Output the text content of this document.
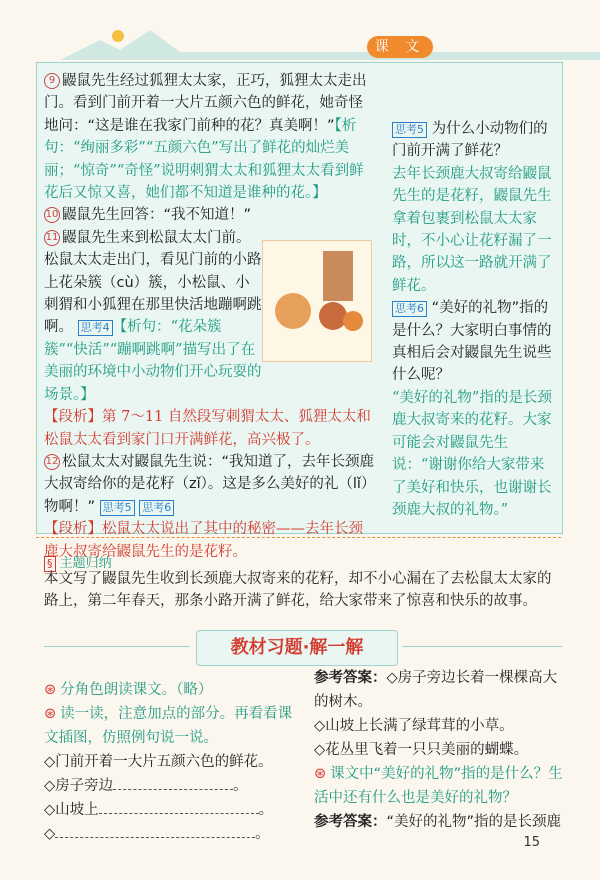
课 文

9 鼹鼠先生经过狐狸太太家，正巧，狐狸太太走出门。看到门前开着一大片五颜六色的鲜花，她奇怪地问：“这是谁在我家门前种的花？真美啊！”【析句：“绚丽多彩”“五颜六色”写出了鲜花的灿烂美丽；“惊奇”“奇怪”说明刺猬太太和狐狸太太看到鲜花后又惊又喜，她们都不知道是谁种的花。】

10 鼹鼠先生回答：“我不知道！”

11 鼹鼠先生来到松鼠太太门前。松鼠太太走出门，看见门前的小路上花朵簇（cù）簇，小松鼠、小刺猬和小狐狸在那里快活地蹦啊跳啊。 思考4 【析句：“花朵簇簇”“快活”“蹦啊跳啊”描写出了在美丽的环境中小动物们开心玩耍的场景。】

【段析】第 7～11 自然段写刺猬太太、狐狸太太和松鼠太太看到家门口开满鲜花，高兴极了。

12 松鼠太太对鼹鼠先生说：“我知道了，去年长颈鹿大叔寄给你的是花籽（zǐ）。这是多么美好的礼（lǐ）物啊！” 思考5 思考6

【段析】松鼠太太说出了其中的秘密——去年长颈鹿大叔寄给鼹鼠先生的是花籽。

思考5 为什么小动物们的门前开满了鲜花？

去年长颈鹿大叔寄给鼹鼠先生的是花籽，鼹鼠先生拿着包裹到松鼠太太家时，不小心让花籽漏了一路，所以这一路就开满了鲜花。

思考6 “美好的礼物”指的是什么？大家明白事情的真相后会对鼹鼠先生说些什么呢？

“美好的礼物”指的是长颈鹿大叔寄来的花籽。大家可能会对鼹鼠先生说：“谢谢你给大家带来了美好和快乐，也谢谢长颈鹿大叔的礼物。”

§ 主题归纳

本文写了鼹鼠先生收到长颈鹿大叔寄来的花籽，却不小心漏在了去松鼠太太家的路上，第二年春天，那条小路开满了鲜花，给大家带来了惊喜和快乐的故事。

教材习题·解一解

⊛ 分角色朗读课文。（略）

⊛ 读一读，注意加点的部分。再看看课文插图，仿照例句说一说。

◇门前开着一大片五颜六色的鲜花。

◇房子旁边	。

◇山坡上	。

◇	。

参考答案：◇房子旁边长着一棵棵高大的树木。

◇山坡上长满了绿茸茸的小草。

◇花丛里飞着一只只美丽的蝴蝶。

⊛ 课文中“美好的礼物”指的是什么？生活中还有什么也是美好的礼物？

参考答案：“美好的礼物”指的是长颈鹿

15
